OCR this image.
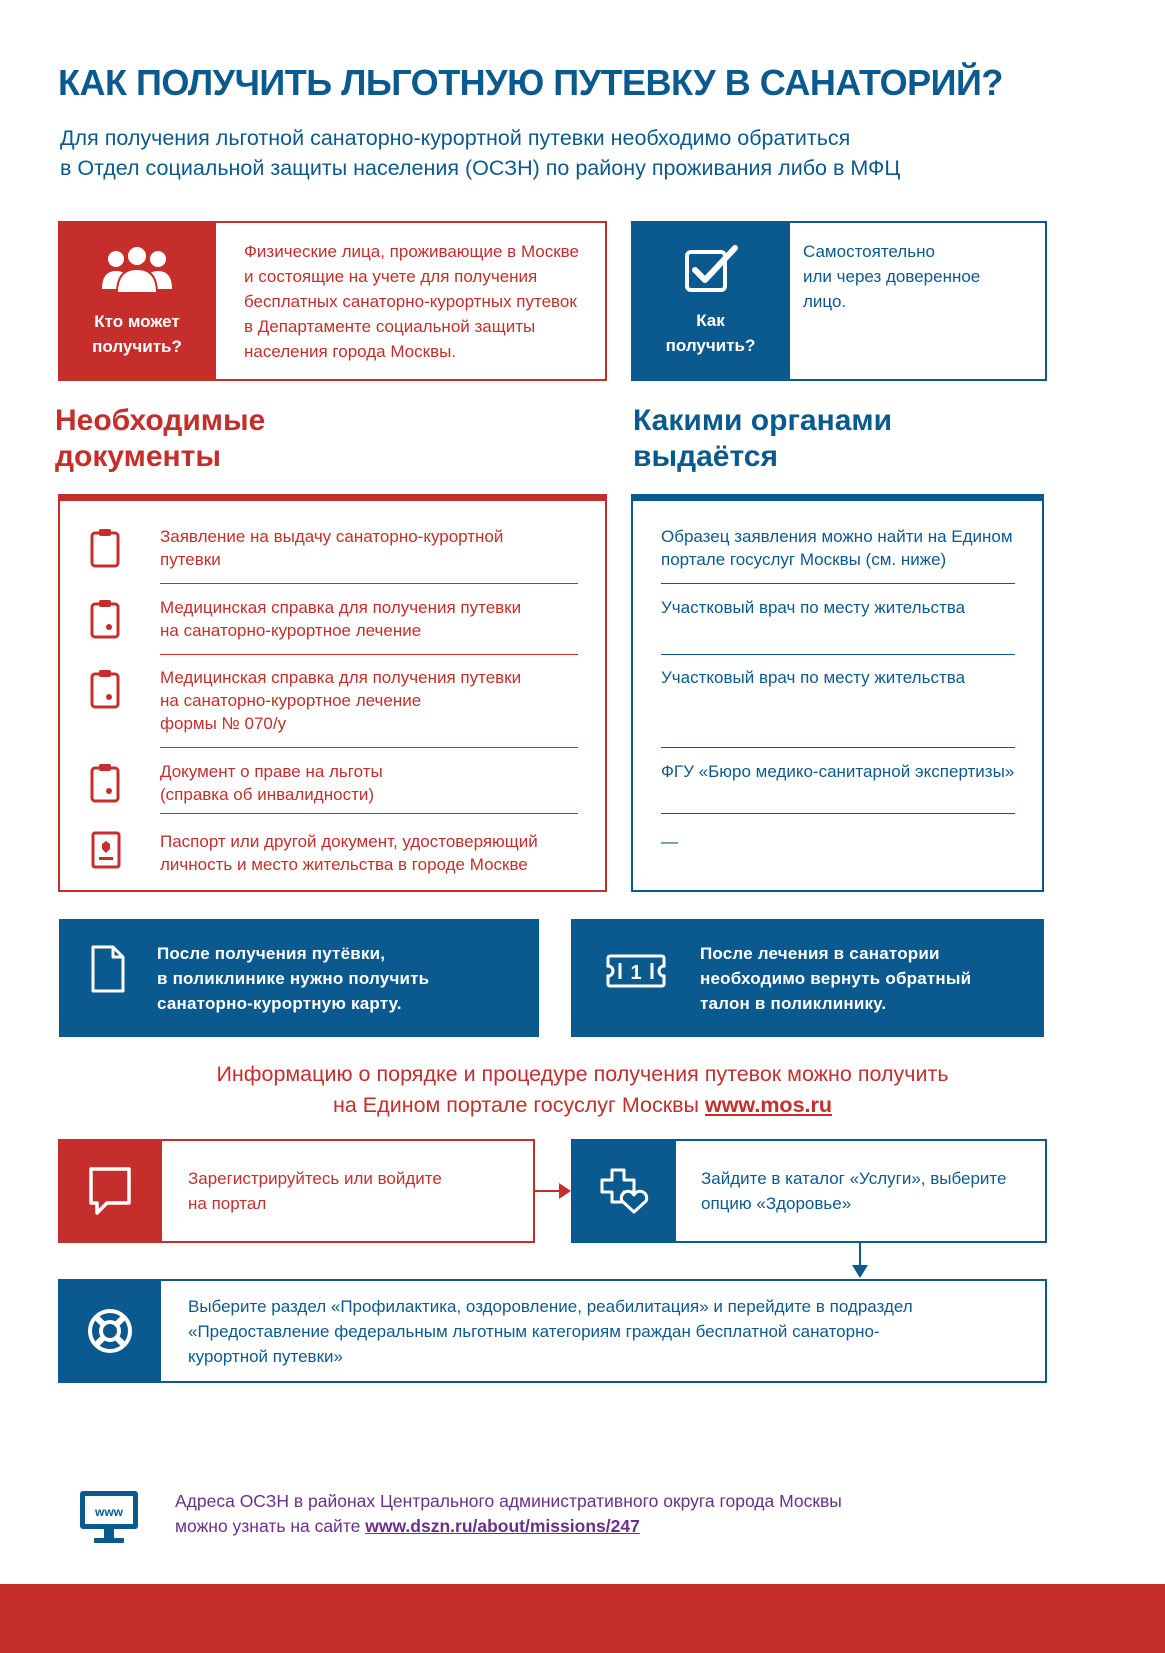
КАК ПОЛУЧИТЬ ЛЬГОТНУЮ ПУТЕВКУ В САНАТОРИЙ?
Для получения льготной санаторно-курортной путевки необходимо обратиться
в Отдел социальной защиты населения (ОСЗН) по району проживания либо в МФЦ
Кто может
получить?
Физические лица, проживающие в Москве
и состоящие на учете для получения
бесплатных санаторно-курортных путевок
в Департаменте социальной защиты
населения города Москвы.
Как
получить?
Самостоятельно
или через доверенное
лицо.
Необходимые
документы
Какими органами
выдаётся
Заявление на выдачу санаторно-курортной
путевки
Медицинская справка для получения путевки
на санаторно-курортное лечение
Медицинская справка для получения путевки
на санаторно-курортное лечение
формы № 070/у
Документ о праве на льготы
(справка об инвалидности)
Паспорт или другой документ, удостоверяющий
личность и место жительства в городе Москве
Образец заявления можно найти на Едином
портале госуслуг Москвы (см. ниже)
Участковый врач по месту жительства
Участковый врач по месту жительства
ФГУ «Бюро медико-санитарной экспертизы»
—
После получения путёвки,
в поликлинике нужно получить
санаторно-курортную карту.
1
После лечения в санатории
необходимо вернуть обратный
талон в поликлинику.
Информацию о порядке и процедуре получения путевок можно получить
на Едином портале госуслуг Москвы www.mos.ru
Зарегистрируйтесь или войдите
на портал
Зайдите в каталог «Услуги», выберите
опцию «Здоровье»
Выберите раздел «Профилактика, оздоровление, реабилитация» и перейдите в подраздел
«Предоставление федеральным льготным категориям граждан бесплатной санаторно-
курортной путевки»
www
Адреса ОСЗН в районах Центрального административного округа города Москвы
можно узнать на сайте www.dszn.ru/about/missions/247
